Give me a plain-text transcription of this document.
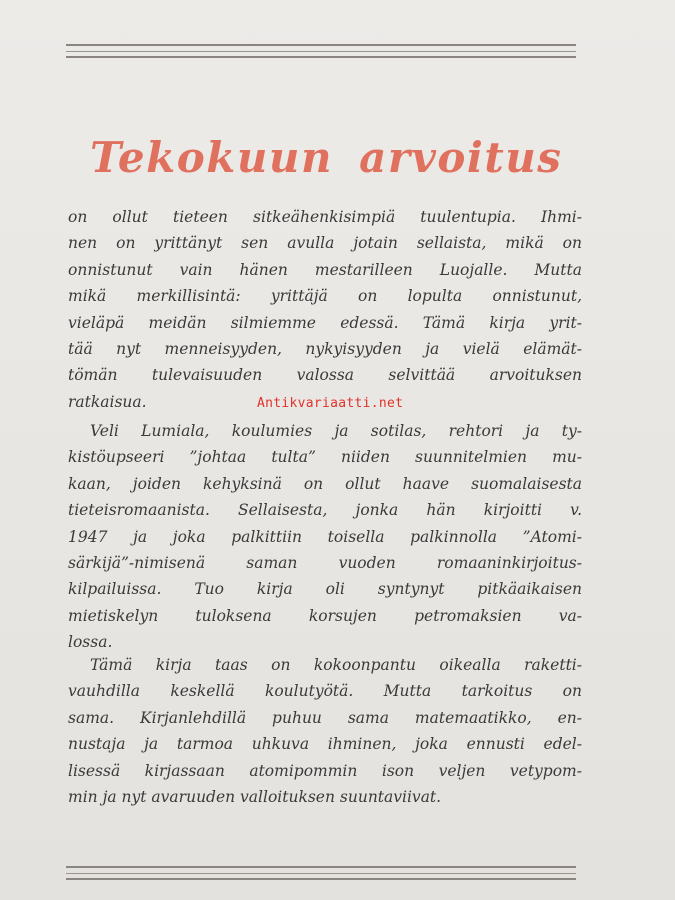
Tekokuun arvoitus
on ollut tieteen sitkeähenkisimpiä tuulentupia. Ihmi-
nen on yrittänyt sen avulla jotain sellaista, mikä on
onnistunut vain hänen mestarilleen Luojalle. Mutta
mikä merkillisintä: yrittäjä on lopulta onnistunut,
vieläpä meidän silmiemme edessä. Tämä kirja yrit-
tää nyt menneisyyden, nykyisyyden ja vielä elämät-
tömän tulevaisuuden valossa selvittää arvoituksen
ratkaisua.	Antikvariaatti.net
Veli Lumiala, koulumies ja sotilas, rehtori ja ty-
kistöupseeri ”johtaa tulta” niiden suunnitelmien mu-
kaan, joiden kehyksinä on ollut haave suomalaisesta
tieteisromaanista. Sellaisesta, jonka hän kirjoitti v.
1947 ja joka palkittiin toisella palkinnolla ”Atomi-
särkijä”-nimisenä saman vuoden romaaninkirjoitus-
kilpailuissa. Tuo kirja oli syntynyt pitkäaikaisen
mietiskelyn tuloksena korsujen petromaksien va-
lossa.
Tämä kirja taas on kokoonpantu oikealla raketti-
vauhdilla keskellä koulutyötä. Mutta tarkoitus on
sama. Kirjanlehdillä puhuu sama matemaatikko, en-
nustaja ja tarmoa uhkuva ihminen, joka ennusti edel-
lisessä kirjassaan atomipommin ison veljen vetypom-
min ja nyt avaruuden valloituksen suuntaviivat.
